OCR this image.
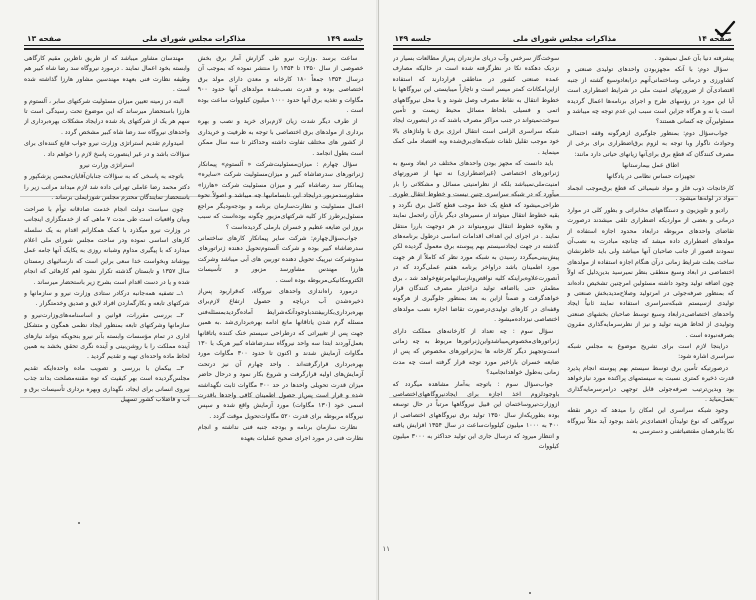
جلسه ۱۴۹
مذاکرات مجلس شورای ملی
صفحه ۱۳

ساعت برسد .وزارت نیرو طی گزارش آمار برق بخش خصوصی از سال ۱۳۵۰ تا ۱۳۵۴ را منتشر نموده که بموجب آن درسال ۱۳۵۴ جمعاً ۱۸۰ کارخانه و معدن دارای مولد برق اختصاصی بوده و قدرت نصب‌شده مولدهای آنها حدود ۹۰۰ مگاوات و تغذیه برق آنها حدود ۱۰۰۰ میلیون کیلووات ساعت بوده است .

از طرف دیگر شدت زیان لازم‌برای خرید و نصب و بهره برداری از مولدهای برق اختصاصی با توجه به ظرفیت و خریداری از کشور های مختلف تفاوت داشته وحداکثر تا سه سال ممکن است بطول انجامد .

سؤال چهارم : میزان‌مسئولیت‌شرکت « آلستوم» پیمانکار ژنراتورهای سدرضاشاه کبیر و میزان‌مسئولیت شرکت «سایره» پیمانکار سد رضاشاه کبیر و میزان مسئولیت شرکت «هارزا» مشاورسدمزبور درایجاد این نابسامانیها چه میباشد و اصولاً نحوه اعمال مسئولیت و نظارت‌سازمان برنامه و بودجه‌ودیگر مراجع مسئول‌برطرز کار کلیه شرکتهای‌مزبور چگونه بوده‌است که سبب بروز این ضایعه عظیم و خسران بارملی گردیده‌است ؟

جواب‌سؤال‌چهارم: شرکت سایر پیمانکار کارهای ساختمانی سدرضاشاه کبیر بوده و شرکت آلستوم‌تحویل دهنده ژنراتورهای سدوشرکت نیرپیک تحویل دهنده توربین های آبی میباشد وشرکت هارزا مهندس مشاورسد مزبور و تأسیسات الکترومکانیکی‌مربوطه بوده است .

درمورد راه‌اندازی واحدهای نیروگاه، که‌قراربود پس‌از ذخیره‌شدن آب دریاچه و حصول ارتفاع لازم‌برای بهره‌برداری‌بکاربیفتند‌باوجودآنکه‌شرایط آماده‌گردید‌بمسئله‌فنی مسئله گرم شدن یاتاقانها مانع ادامه بهره‌برداری‌شد .به همین جهت پس از تغییراتی که درطراحی سیستم خنک کننده یاتاقانها بعمل‌آوردند ابتدا سه واحد نیروگاه سدرضاشاه کبیر هریک با ۱۳۰ مگاوات آزمایش شدند و اکنون تا حدود ۳۰۰ مگاوات مورد بهره‌برداری قرارگرفته‌اند . واحد چهارم آن نیز درتحت آزمایش‌های اولیه قرارگرفت و شروع بکار نمود و درحال حاضر میزان قدرت تحویلی واحدها در حد ۳۰۰ مگاوات ثابت نگهداشته شده و قرار است پس‌از حصول اطمینان کافی واحدها باقدرت اسمی خود (۱۳۰ مگاوات) مورد آزمایش واقع شده و سپس نیروگاه مربوطه برای قدرت ۵۲۰ مگاوات‌تحویل موقت گردد .

نظارت سازمان برنامه و بودجه جنبه فنی نداشته و انجام نظارت فنی در مورد اجرای صحیح عملیات بعهده

مهندسان مشاور میباشد که از طریق ناظرین مقیم کارگاهی وابسته بخود اعمال نمایند . درمورد نیروگاه سد رضا شاه کبیر هم وظیفه نظارت فنی بعهده مهندسین مشاور هارزا گذاشته شده است .

البته در زمینه تعیین میزان مسئولیت شرکتهای سابر ، آلستوم و هارزا باستحضار میرساند که این موضوع تحت رسیدگی است تا سهم هر یک از شرکتهای یاد شده درایجاد مشکلات بهره‌برداری از واحدهای نیروگاه سد رضا شاه کبیر مشخص گردد .

امیدوارم تقدیم استراتژی وزارت نیرو جواب قانع کننده‌ای برای سؤالات باشد و در غیر اینصورت پاسخ لازم را خواهم داد .

استراتژی وزارت نیرو

باتوجه به پاسخی که به سؤالات جنابان‌آقایان‌محسن پزشکپور و دکتر محمد رضا عاملی تهرانی داده شد لازم میداند مراتب زیر را باستحضار نمایندگان محترم مجلس شورایملی برساند .

چون سیاست دولت انجام خدمت صادقانه توأم با صراحت وبیان واقعیات است طی مدت ۷ ماهی که از خدمتگزاری اینجانب در وزارت نیرو میگذرد با کمک همکارانم اقدام به یک سلسله کارهای اساسی نموده ودر ساحت مجلس شورای ملی اعلام میدارد که با پیگیری مداوم وشبانه روزی به یکایک آنها جامه عمل بپوشاند وبخواست خدا سعی براین است که نارسائیهای زمستان سال ۱۳۵۷ و تابستان گذشته تکرار نشود اهم کارهائی که انجام شده و یا در دست اقدام است بشرح زیر باستحضار میرساند .

۱ــ تصفیه همه‌جانبه درکادر ستادی وزارت نیرو و سازمانها و شرکتهای تابعه و بکارگماردن افراد لایق و صدیق وخدمتگزار .

۲ــ بررسی مقررات، قوانین و اساسنامه‌های‌وزارت‌نیرو و سازمانها وشرکتهای تابعه بمنظور ایجاد نظمی همگون و متشکل اداری در تمام مؤسسات وابسته بآنر نیرو بنحویکه بتواند نیازهای آینده مملکت را با روشن‌بینی و آینده نگری تحقق بخشد به همین لحاظ ماده واحده‌ای تهیه و تقدیم گردید .

۳ــ بیکمان با بررسی و تصویب ماده واحده‌ایکه تقدیم مجلس‌گردیده است بهر کیفیت که توه مقننه‌مصلحت بداند جذب نیروی انسانی برای ایجاد، نگهداری وبهره برداری تأسیسات برق و آب و فاضلاب کشور تسهیل

صفحه ۱۴
مذاکرات مجلس شورای ملی
جلسه ۱۴۹

پیشرفته دنیا بآن عمل نمیشود .

سؤال دوم: با آنکه مجهزبودن واحدهای تولیدی صنعتی و کشاورزی و درمانی وساختمانی‌آنهم در‌ابعادوسیع گشته از جنبه اقتصادی‌آن از ضرورتهای امنیت ملی در شرایط اضطراری است آیا این مورد در رؤسهای طرح و اجرای برنامه‌ها اعمال گردیده است یا نه و هرگاه جزاین است سبب این عدم توجه چه میباشد و مسئولین‌آن چه کسانی هستند؟

جواب‌سؤال دوم: بمنظور جلوگیری ازهرگونه وقفه احتمالی وحوادث ناگوار وبا توجه به لزوم برق‌اضطراری برای برخی از مصرف کنندگان که قطع برق برای‌آنها زیانهای حیاتی دارد مانند:

اطاق عمل بیمارستانها

تجهیزات حساس نظامی در پادگانها

کارخانجات ذوب فلز و مواد شیمیائی که قطع برق‌موجب انجماد مواد در لوله‌ها میشود .

رادیو و تلویزیون و دستگاههای مخابراتی و بطور کلی در موارد درمانی و بعضی از مواردیکه اضطراری تلقی میشدند درصورت تقاضای واحدهای مربوطه درابعاد محدود اجازه استفاده از مولدهای اضطراری داده میشد که چنانچه مبادرت به نصب‌آن ننمودند قصور از جانب صاحبان آنها میباشد ولی باید خاطرنشان ساخت بعلت شرایط زمانی درآن هنگام اجازه استفاده از مولدهای اختصاصی در ابعاد وسیع منطقی بنظر نمیرسید بدین‌دلیل که اولاً چون اضافه تولید وجود داشته مسئولین امرچنین تشخیص داده‌اند که بمنظور صرفه‌جوئی در امرتولید وصلاح‌مدیدبخش صنعتی و تولیدی ازسیستم شبکه‌سراسری استفاده نمایند ثانیاً ایجاد واحدهای اختصاصی‌درابعاد وسیع توسط صاحبان بخشهای صنعتی وتولیدی از لحاظ هزینه تولید و نیز از نظرسرمایه‌گذاری مقرون بصرفه‌نبوده است .

دراینجا لازم است برای تشریح موضوع به مجلس شبکه سراسری اشاره شود:

درصورتیکه تأمین برق توسط سیستم بهم پیوسته انجام پذیرد قدرت ذخیره کمتری نسبت به سیستمهای پراکنده مورد نیازخواهد بود وبدین‌ترتیب صرفه‌جوئی قابل توجهی درامرسرمایه‌گذاری بعمل‌میاید .

وجود شبکه سراسری این امکان را میدهد که درهر نقطه نیروگاهی که نوع تولیدآن اقتصادی‌تر باشد بوجود آید مثلاً نیروگاه نکا بنابرهمان مقتضیاتفنی و دسترسی به

سوخت‌گاز سرخس وآب دریای مازندران پس‌از مطالعات بسیار در نزدیک دهکده نکا در نظرگرفته شده است در حالیکه مصارف عمده صنعتی کشور در مناطقی قراردارند که استفاده ازاین‌امکانات کمتر میسر است و ناچاراً میبایستی این نیروگاهها با خطوط انتقال به نقاط مصرف وصل شوند و یا محل نیروگاههای اتمی و فسیلی بلحاظ مسائل محیط زیست و تأمین سوخت‌نمیتواند در جنب مراکز مصرف باشند که در اینصورت ایجاد شبکه سراسری الزامی است انتقال انرژی برق با ولتاژهای بالا خود موجب تقلیل تلفات شبکه‌های‌برق‌شده وبه اقتصاد ملی کمک مینماید .

باید دانست که مجهز بودن واحدهای مختلف در ابعاد وسیع به ژنراتورهای اختصاصی (غیراضطراری) نه تنها از ضرورتهای امنیت‌ملی‌نمیباشد بلکه از نظرامنیتی مسائل و مشکلاتی را بار میآورد که در شبکه سراسری چنین نیست و خطوط انتقال طوری طراحی‌میشود که قطع یک خط موجب قطع کامل برق نگردد و بقیه خطوط انتقال میتواند از مسیرهای دیگر بارآن راتحمل نمایند و بعلاوه خطوط انتقال نیرومیتواند در هر دوجهت باررا منتقل نمایند . در اجرای این اهداف اقدامات اساسی درطول برنامه‌های گذشته در جهت ایجادسیستم بهم پیوسته برق معمول گردیده لکن پیش‌بینی‌میگردد رسیدن به شبکه مورد نظر که کاملاً از هر جهت مورد اطمینان باشد دراواخر برنامه هفتم عملی‌گردد که در آنصورت‌علاوه‌براینکه کلیه نواقص‌ونارسائیها‌مرتفع‌خواهد شد ، برق مطمئن حتی بااضافه تولید دراختیار مصرف کنندگان قرار خواهدگرفت و ضمناً ازاین به بعد بمنظور جلوگیری از هرگونه وقفه‌ای در کارهای تولیدی‌درصورت تقاضا اجازه نصب مولدهای اختصاصی نیزداده‌میشود .

سؤال سوم : چه تعداد از کارخانه‌های مملکت دارای ژنراتورهای‌مخصوص‌میباشد‌واین‌ژنراتورها مربوط به چه زمانی است‌وتجهیز دیگر کارخانه ها به‌ژنراتورهای مخصوص که پس از ضایعه خسران باراخیر مورد توجه قرار گرفته است چه مدت زمانی به‌طول خواهدانجامید؟

جواب‌سؤال سوم : باتوجه به‌آمار مشاهده میگردد که باوجودلزوم اخذ اجازه برای ایجادنیروگاههای‌اختصاصی ازوزارت‌نیروساختمان این قبیل نیروگاهها مرتباً در حال توسعه بوده بطوریکه‌از سال ۱۳۵۰ تولید برق نیروگاههای اختصاصی از ۴۰۰ به ۱۰۰۰ میلیون کیلووات‌ساعت در سال ۱۳۵۴ افزایش یافته و انتظار میرود که درسال جاری این تولید حداکثر به ۳۰۰۰ میلیون کیلووات

۱۱
